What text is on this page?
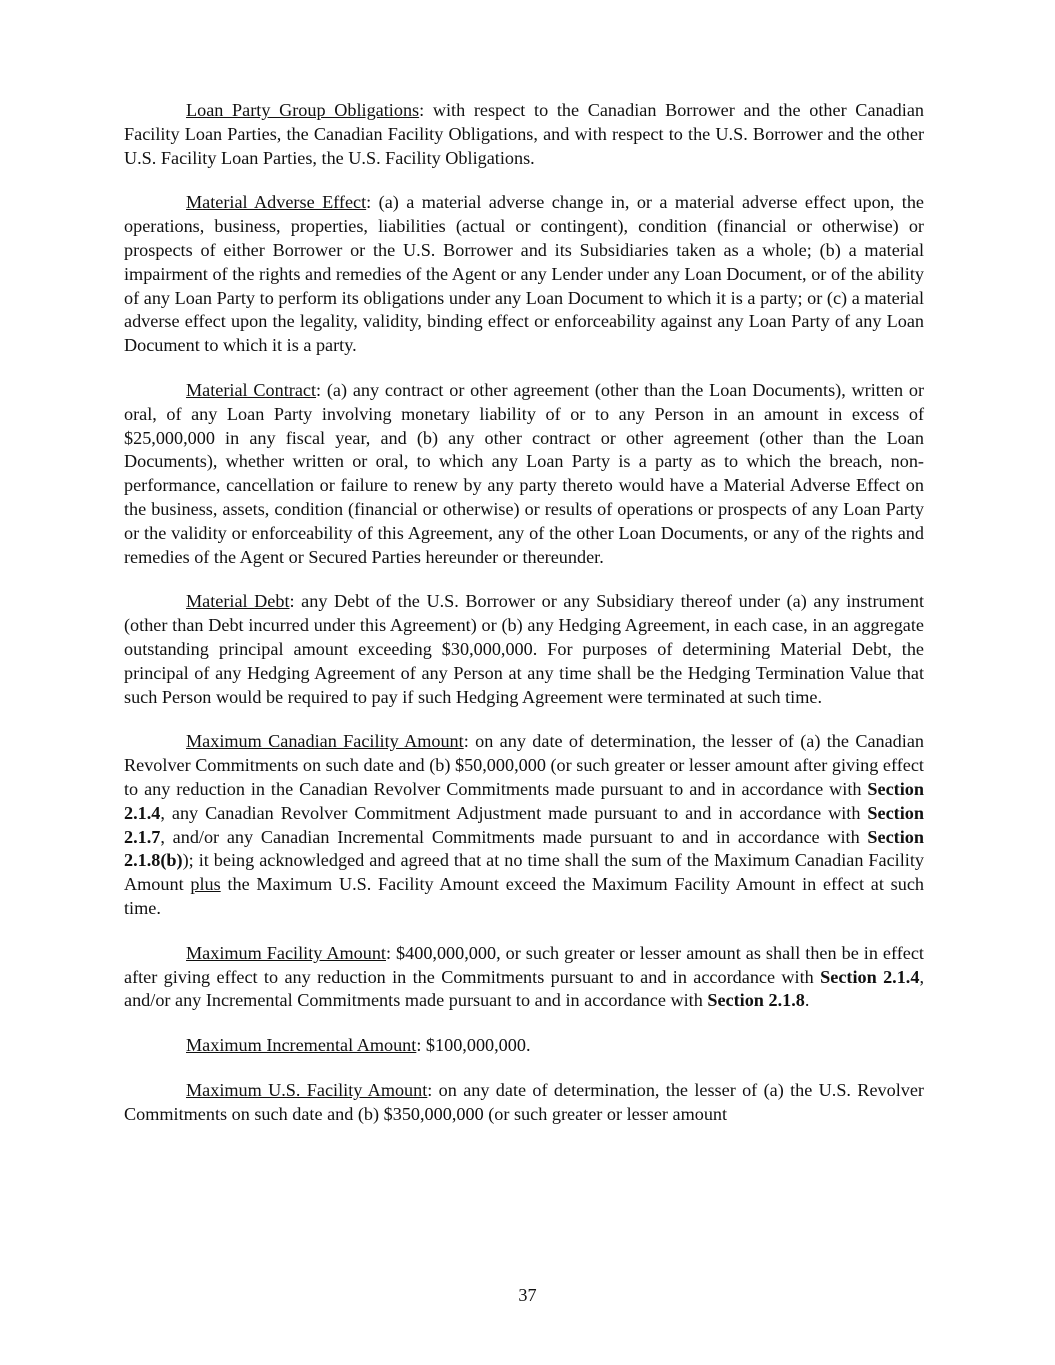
Loan Party Group Obligations: with respect to the Canadian Borrower and the other Canadian Facility Loan Parties, the Canadian Facility Obligations, and with respect to the U.S. Borrower and the other U.S. Facility Loan Parties, the U.S. Facility Obligations.

Material Adverse Effect: (a) a material adverse change in, or a material adverse effect upon, the operations, business, properties, liabilities (actual or contingent), condition (financial or otherwise) or prospects of either Borrower or the U.S. Borrower and its Subsidiaries taken as a whole; (b) a material impairment of the rights and remedies of the Agent or any Lender under any Loan Document, or of the ability of any Loan Party to perform its obligations under any Loan Document to which it is a party; or (c) a material adverse effect upon the legality, validity, binding effect or enforceability against any Loan Party of any Loan Document to which it is a party.

Material Contract: (a) any contract or other agreement (other than the Loan Documents), written or oral, of any Loan Party involving monetary liability of or to any Person in an amount in excess of $25,000,000 in any fiscal year, and (b) any other contract or other agreement (other than the Loan Documents), whether written or oral, to which any Loan Party is a party as to which the breach, non-performance, cancellation or failure to renew by any party thereto would have a Material Adverse Effect on the business, assets, condition (financial or otherwise) or results of operations or prospects of any Loan Party or the validity or enforceability of this Agreement, any of the other Loan Documents, or any of the rights and remedies of the Agent or Secured Parties hereunder or thereunder.

Material Debt: any Debt of the U.S. Borrower or any Subsidiary thereof under (a) any instrument (other than Debt incurred under this Agreement) or (b) any Hedging Agreement, in each case, in an aggregate outstanding principal amount exceeding $30,000,000. For purposes of determining Material Debt, the principal of any Hedging Agreement of any Person at any time shall be the Hedging Termination Value that such Person would be required to pay if such Hedging Agreement were terminated at such time.

Maximum Canadian Facility Amount: on any date of determination, the lesser of (a) the Canadian Revolver Commitments on such date and (b) $50,000,000 (or such greater or lesser amount after giving effect to any reduction in the Canadian Revolver Commitments made pursuant to and in accordance with Section 2.1.4, any Canadian Revolver Commitment Adjustment made pursuant to and in accordance with Section 2.1.7, and/or any Canadian Incremental Commitments made pursuant to and in accordance with Section 2.1.8(b)); it being acknowledged and agreed that at no time shall the sum of the Maximum Canadian Facility Amount plus the Maximum U.S. Facility Amount exceed the Maximum Facility Amount in effect at such time.

Maximum Facility Amount: $400,000,000, or such greater or lesser amount as shall then be in effect after giving effect to any reduction in the Commitments pursuant to and in accordance with Section 2.1.4, and/or any Incremental Commitments made pursuant to and in accordance with Section 2.1.8.

Maximum Incremental Amount: $100,000,000.

Maximum U.S. Facility Amount: on any date of determination, the lesser of (a) the U.S. Revolver Commitments on such date and (b) $350,000,000 (or such greater or lesser amount

37
